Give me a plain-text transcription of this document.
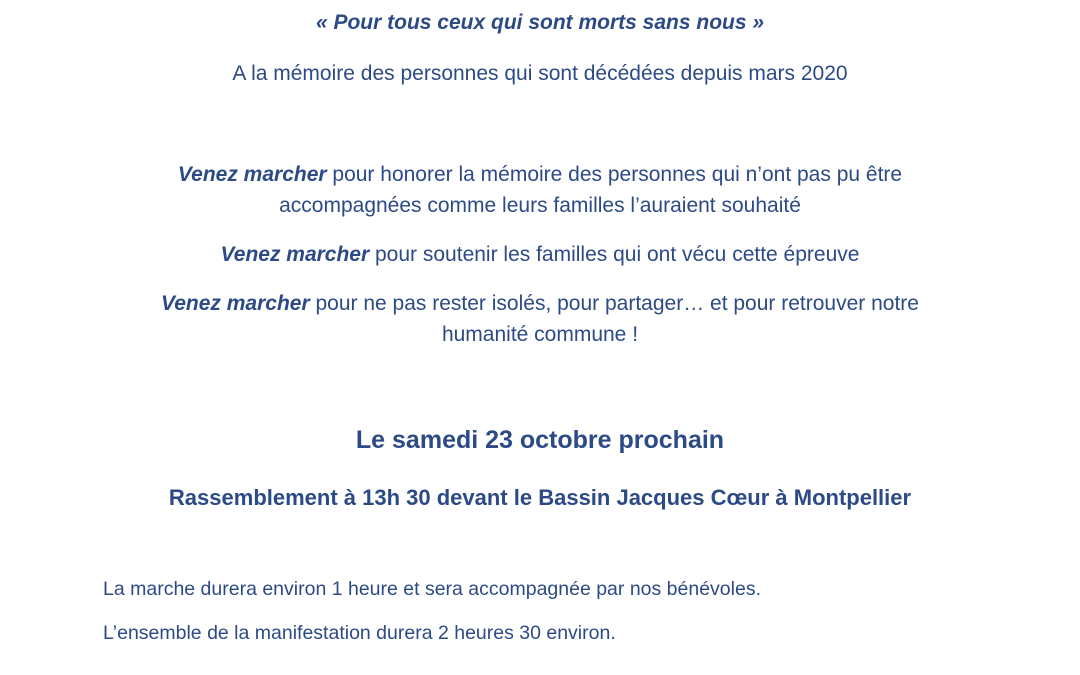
« Pour tous ceux qui sont morts sans nous »
A la mémoire des personnes qui sont décédées depuis mars 2020
Venez marcher pour honorer la mémoire des personnes qui n’ont pas pu être
accompagnées comme leurs familles l’auraient souhaité
Venez marcher pour soutenir les familles qui ont vécu cette épreuve
Venez marcher pour ne pas rester isolés, pour partager… et pour retrouver notre
humanité commune !
Le samedi 23 octobre prochain
Rassemblement à 13h 30 devant le Bassin Jacques Cœur à Montpellier
La marche durera environ 1 heure et sera accompagnée par nos bénévoles.
L’ensemble de la manifestation durera 2 heures 30 environ.
